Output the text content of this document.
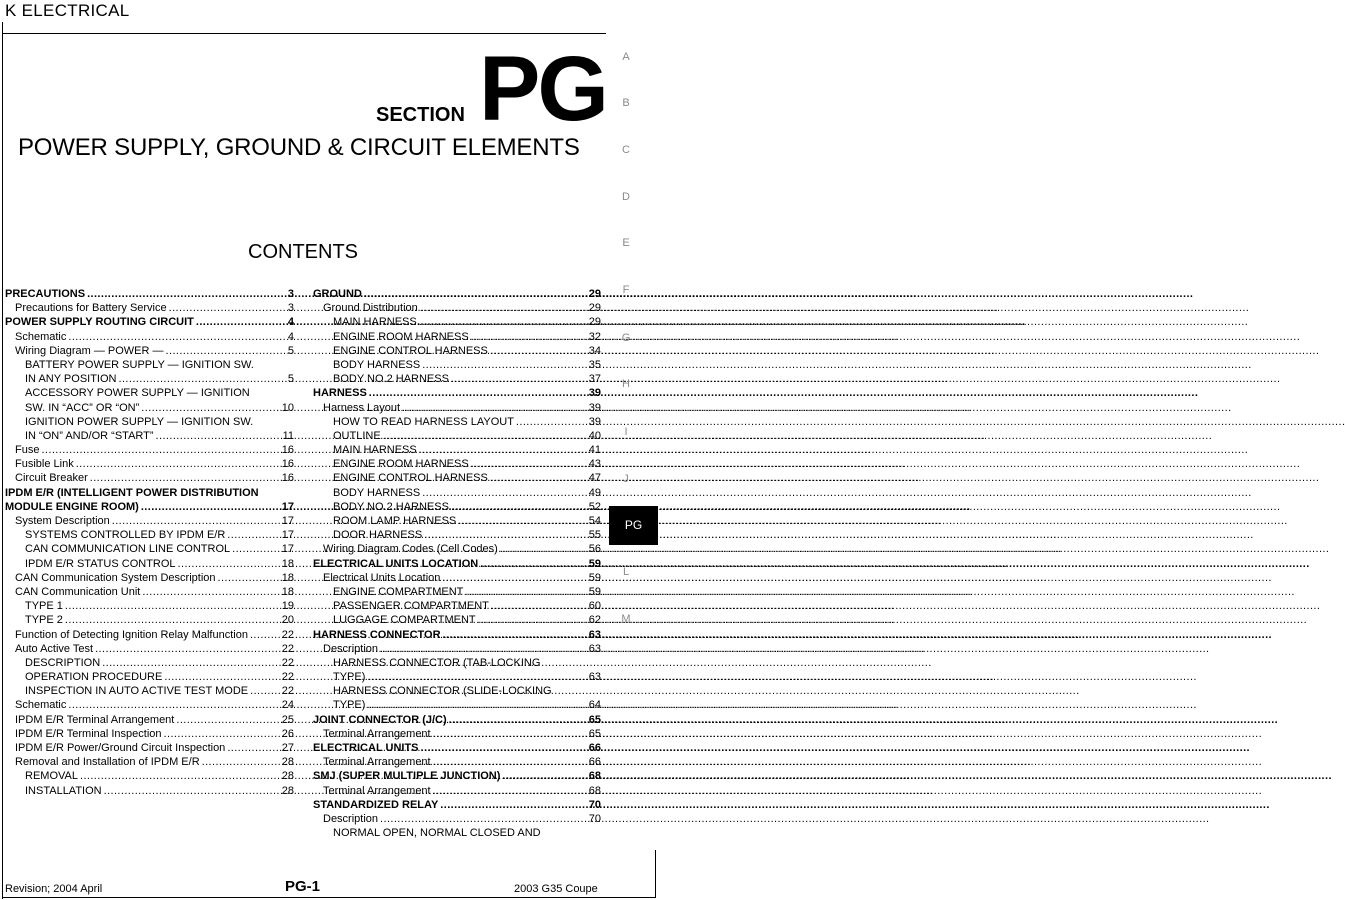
K ELECTRICAL
SECTION PG
POWER SUPPLY, GROUND & CIRCUIT ELEMENTS
CONTENTS
PRECAUTIONS .....	3
Precautions for Battery Service .....	3
POWER SUPPLY ROUTING CIRCUIT .....	4
Schematic .....	4
Wiring Diagram — POWER — .....	5
BATTERY POWER SUPPLY — IGNITION SW.
IN ANY POSITION .....	5
ACCESSORY POWER SUPPLY — IGNITION
SW. IN “ACC” OR “ON” .....	10
IGNITION POWER SUPPLY — IGNITION SW.
IN “ON” AND/OR “START” .....	11
Fuse .....	16
Fusible Link .....	16
Circuit Breaker .....	16
IPDM E/R (INTELLIGENT POWER DISTRIBUTION
MODULE ENGINE ROOM) .....	17
System Description .....	17
SYSTEMS CONTROLLED BY IPDM E/R .....	17
CAN COMMUNICATION LINE CONTROL .....	17
IPDM E/R STATUS CONTROL .....	18
CAN Communication System Description .....	18
CAN Communication Unit .....	18
TYPE 1 .....	19
TYPE 2 .....	20
Function of Detecting Ignition Relay Malfunction .....	22
Auto Active Test .....	22
DESCRIPTION .....	22
OPERATION PROCEDURE .....	22
INSPECTION IN AUTO ACTIVE TEST MODE .....	22
Schematic .....	24
IPDM E/R Terminal Arrangement .....	25
IPDM E/R Terminal Inspection .....	26
IPDM E/R Power/Ground Circuit Inspection .....	27
Removal and Installation of IPDM E/R .....	28
REMOVAL .....	28
INSTALLATION .....	28
GROUND .....	29
Ground Distribution .....	29
MAIN HARNESS .....	29
ENGINE ROOM HARNESS .....	32
ENGINE CONTROL HARNESS .....	34
BODY HARNESS .....	35
BODY NO.2 HARNESS .....	37
HARNESS .....	39
Harness Layout .....	39
HOW TO READ HARNESS LAYOUT .....	39
OUTLINE .....	40
MAIN HARNESS .....	41
ENGINE ROOM HARNESS .....	43
ENGINE CONTROL HARNESS .....	47
BODY HARNESS .....	49
BODY NO.2 HARNESS .....	52
ROOM LAMP HARNESS .....	54
DOOR HARNESS .....	55
Wiring Diagram Codes (Cell Codes) .....	56
ELECTRICAL UNITS LOCATION .....	59
Electrical Units Location .....	59
ENGINE COMPARTMENT .....	59
PASSENGER COMPARTMENT .....	60
LUGGAGE COMPARTMENT .....	62
HARNESS CONNECTOR .....	63
Description .....	63
HARNESS CONNECTOR (TAB-LOCKING
TYPE) .....	63
HARNESS CONNECTOR (SLIDE-LOCKING
TYPE) .....	64
JOINT CONNECTOR (J/C) .....	65
Terminal Arrangement .....	65
ELECTRICAL UNITS .....	66
Terminal Arrangement .....	66
SMJ (SUPER MULTIPLE JUNCTION) .....	68
Terminal Arrangement .....	68
STANDARDIZED RELAY .....	70
Description .....	70
NORMAL OPEN, NORMAL CLOSED AND
A
B
C
D
E
F
G
H
I
J
PG
L
M
Revision; 2004 April	PG-1	2003 G35 Coupe
